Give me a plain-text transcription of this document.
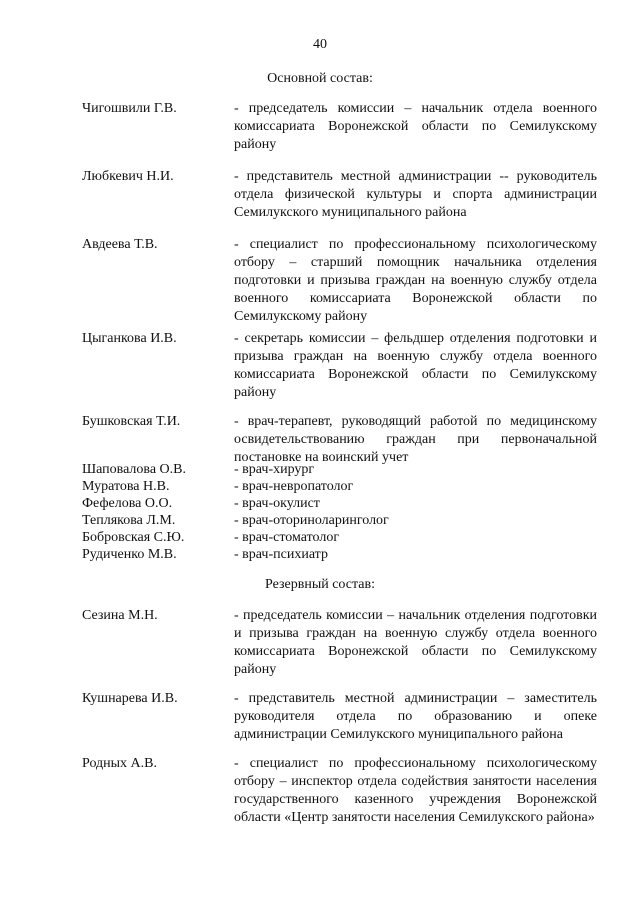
40
Основной состав:
Чигошвили Г.В.	- председатель комиссии – начальник отдела военного
комиссариата Воронежской области по Семилукскому
району
Любкевич Н.И.	- представитель местной администрации -- руководитель
отдела физической культуры и спорта администрации
Семилукского муниципального района
Авдеева Т.В.	- специалист по профессиональному психологическому
отбору – старший помощник начальника отделения
подготовки и призыва граждан на военную службу отдела
военного комиссариата Воронежской области по
Семилукскому району
Цыганкова И.В.	- секретарь комиссии – фельдшер отделения подготовки и
призыва граждан на военную службу отдела военного
комиссариата Воронежской области по Семилукскому
району
Бушковская Т.И.	- врач-терапевт, руководящий работой по медицинскому
освидетельствованию граждан при первоначальной
постановке на воинский учет
Шаповалова О.В.	- врач-хирург
Муратова Н.В.	- врач-невропатолог
Фефелова О.О.	- врач-окулист
Теплякова Л.М.	- врач-оториноларинголог
Бобровская С.Ю.	- врач-стоматолог
Рудиченко М.В.	- врач-психиатр
Резервный состав:
Сезина М.Н.	- председатель комиссии – начальник отделения подготовки
и призыва граждан на военную службу отдела военного
комиссариата Воронежской области по Семилукскому
району
Кушнарева И.В.	- представитель местной администрации – заместитель
руководителя отдела по образованию и опеке
администрации Семилукского муниципального района
Родных А.В.	- специалист по профессиональному психологическому
отбору – инспектор отдела содействия занятости населения
государственного казенного учреждения Воронежской
области «Центр занятости населения Семилукского района»
